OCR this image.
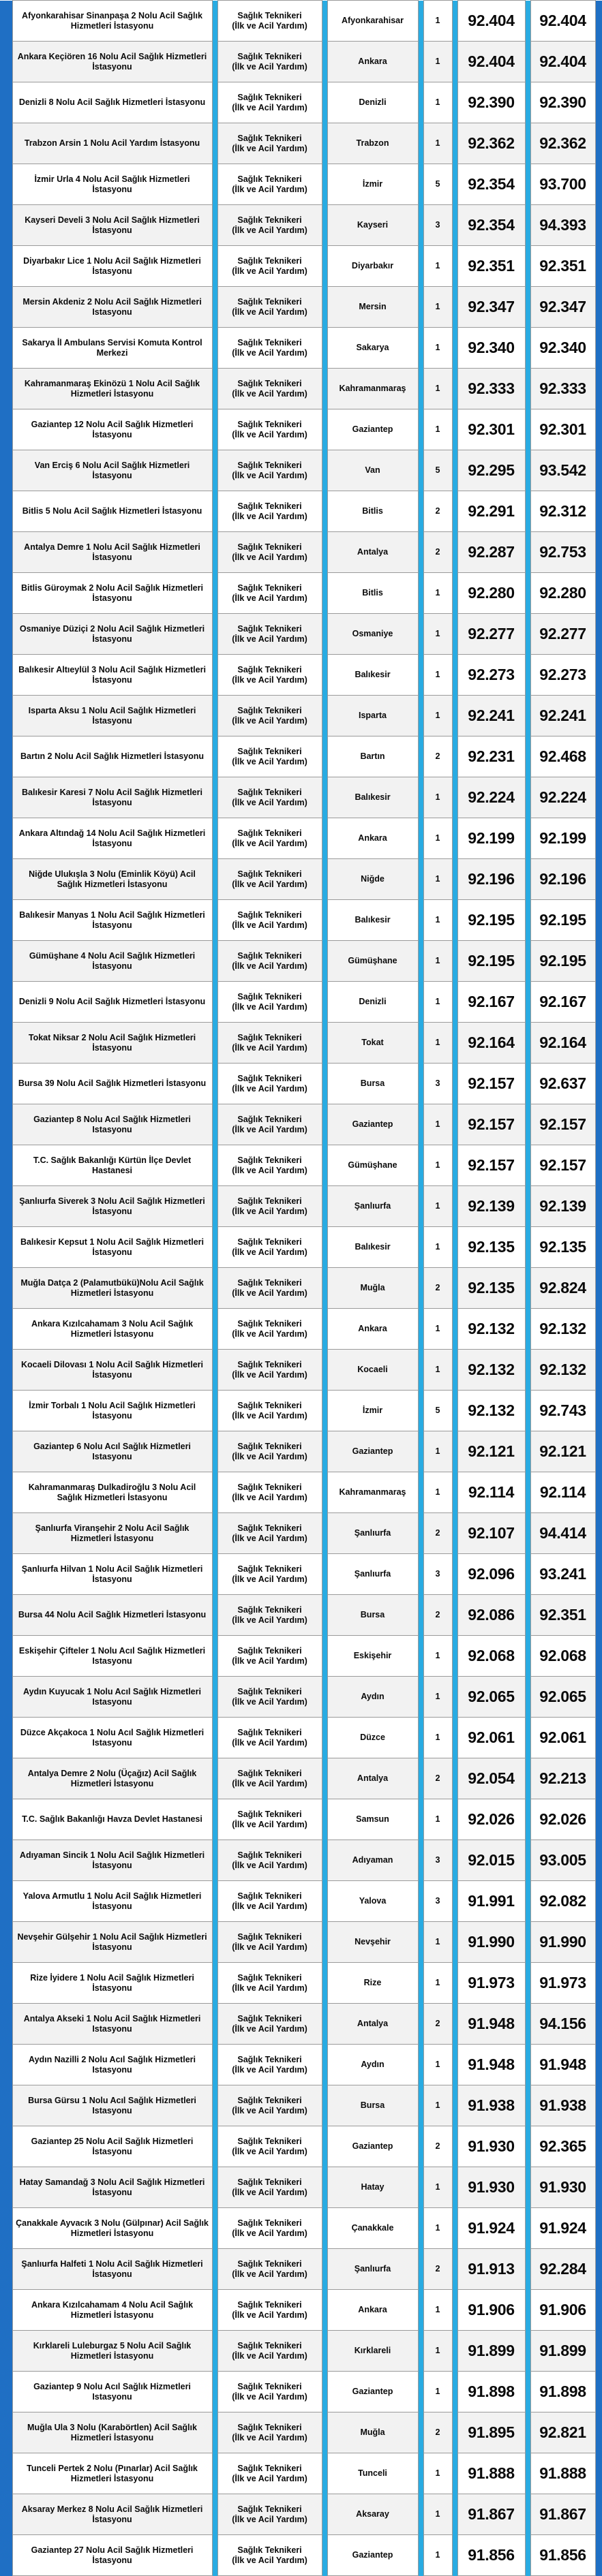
	Afyonkarahisar Sinanpaşa 2 Nolu Acil Sağlık Hizmetleri İstasyonu		Sağlık Teknikeri
(İlk ve Acil Yardım)		Afyonkarahisar		1		92.404		92.404	
	Ankara Keçiören 16 Nolu Acil Sağlık Hizmetleri İstasyonu		Sağlık Teknikeri
(İlk ve Acil Yardım)		Ankara		1		92.404		92.404	
	Denizli 8 Nolu Acil Sağlık Hizmetleri İstasyonu		Sağlık Teknikeri
(İlk ve Acil Yardım)		Denizli		1		92.390		92.390	
	Trabzon Arsin 1 Nolu Acil Yardım İstasyonu		Sağlık Teknikeri
(İlk ve Acil Yardım)		Trabzon		1		92.362		92.362	
	İzmir Urla 4 Nolu Acil Sağlık Hizmetleri İstasyonu		Sağlık Teknikeri
(İlk ve Acil Yardım)		İzmir		5		92.354		93.700	
	Kayseri Develi 3 Nolu Acil Sağlık Hizmetleri İstasyonu		Sağlık Teknikeri
(İlk ve Acil Yardım)		Kayseri		3		92.354		94.393	
	Diyarbakır Lice 1 Nolu Acil Sağlık Hizmetleri İstasyonu		Sağlık Teknikeri
(İlk ve Acil Yardım)		Diyarbakır		1		92.351		92.351	
	Mersin Akdeniz 2 Nolu Acil Sağlık Hizmetleri Istasyonu		Sağlık Teknikeri
(İlk ve Acil Yardım)		Mersin		1		92.347		92.347	
	Sakarya İl Ambulans Servisi Komuta Kontrol Merkezi		Sağlık Teknikeri
(İlk ve Acil Yardım)		Sakarya		1		92.340		92.340	
	Kahramanmaraş Ekinözü 1 Nolu Acil Sağlık Hizmetleri İstasyonu		Sağlık Teknikeri
(İlk ve Acil Yardım)		Kahramanmaraş		1		92.333		92.333	
	Gaziantep 12 Nolu Acil Sağlık Hizmetleri İstasyonu		Sağlık Teknikeri
(İlk ve Acil Yardım)		Gaziantep		1		92.301		92.301	
	Van Erciş 6 Nolu Acil Sağlık Hizmetleri İstasyonu		Sağlık Teknikeri
(İlk ve Acil Yardım)		Van		5		92.295		93.542	
	Bitlis 5 Nolu Acil Sağlık Hizmetleri İstasyonu		Sağlık Teknikeri
(İlk ve Acil Yardım)		Bitlis		2		92.291		92.312	
	Antalya Demre 1 Nolu Acil Sağlık Hizmetleri İstasyonu		Sağlık Teknikeri
(İlk ve Acil Yardım)		Antalya		2		92.287		92.753	
	Bitlis Güroymak 2 Nolu Acil Sağlık Hizmetleri İstasyonu		Sağlık Teknikeri
(İlk ve Acil Yardım)		Bitlis		1		92.280		92.280	
	Osmaniye Düziçi 2 Nolu Acil Sağlık Hizmetleri İstasyonu		Sağlık Teknikeri
(İlk ve Acil Yardım)		Osmaniye		1		92.277		92.277	
	Balıkesir Altıeylül 3 Nolu Acil Sağlık Hizmetleri İstasyonu		Sağlık Teknikeri
(İlk ve Acil Yardım)		Balıkesir		1		92.273		92.273	
	Isparta Aksu 1 Nolu Acil Sağlık Hizmetleri İstasyonu		Sağlık Teknikeri
(İlk ve Acil Yardım)		Isparta		1		92.241		92.241	
	Bartın 2 Nolu Acil Sağlık Hizmetleri İstasyonu		Sağlık Teknikeri
(İlk ve Acil Yardım)		Bartın		2		92.231		92.468	
	Balıkesir Karesi 7 Nolu Acil Sağlık Hizmetleri İstasyonu		Sağlık Teknikeri
(İlk ve Acil Yardım)		Balıkesir		1		92.224		92.224	
	Ankara Altındağ 14 Nolu Acil Sağlık Hizmetleri İstasyonu		Sağlık Teknikeri
(İlk ve Acil Yardım)		Ankara		1		92.199		92.199	
	Niğde Ulukışla 3 Nolu (Eminlik Köyü) Acil Sağlık Hizmetleri İstasyonu		Sağlık Teknikeri
(İlk ve Acil Yardım)		Niğde		1		92.196		92.196	
	Balıkesir Manyas 1 Nolu Acil Sağlık Hizmetleri İstasyonu		Sağlık Teknikeri
(İlk ve Acil Yardım)		Balıkesir		1		92.195		92.195	
	Gümüşhane 4 Nolu Acil Sağlık Hizmetleri İstasyonu		Sağlık Teknikeri
(İlk ve Acil Yardım)		Gümüşhane		1		92.195		92.195	
	Denizli 9 Nolu Acil Sağlık Hizmetleri İstasyonu		Sağlık Teknikeri
(İlk ve Acil Yardım)		Denizli		1		92.167		92.167	
	Tokat Niksar 2 Nolu Acil Sağlık Hizmetleri İstasyonu		Sağlık Teknikeri
(İlk ve Acil Yardım)		Tokat		1		92.164		92.164	
	Bursa 39 Nolu Acil Sağlık Hizmetleri İstasyonu		Sağlık Teknikeri
(İlk ve Acil Yardım)		Bursa		3		92.157		92.637	
	Gaziantep 8 Nolu Acıl Sağlık Hizmetleri Istasyonu		Sağlık Teknikeri
(İlk ve Acil Yardım)		Gaziantep		1		92.157		92.157	
	T.C. Sağlık Bakanlığı Kürtün İlçe Devlet Hastanesi		Sağlık Teknikeri
(İlk ve Acil Yardım)		Gümüşhane		1		92.157		92.157	
	Şanlıurfa Siverek 3 Nolu Acil Sağlık Hizmetleri İstasyonu		Sağlık Teknikeri
(İlk ve Acil Yardım)		Şanlıurfa		1		92.139		92.139	
	Balıkesir Kepsut 1 Nolu Acil Sağlık Hizmetleri İstasyonu		Sağlık Teknikeri
(İlk ve Acil Yardım)		Balıkesir		1		92.135		92.135	
	Muğla Datça 2 (Palamutbükü)Nolu Acil Sağlık Hizmetleri İstasyonu		Sağlık Teknikeri
(İlk ve Acil Yardım)		Muğla		2		92.135		92.824	
	Ankara Kızılcahamam 3 Nolu Acil Sağlık Hizmetleri İstasyonu		Sağlık Teknikeri
(İlk ve Acil Yardım)		Ankara		1		92.132		92.132	
	Kocaeli Dilovası 1 Nolu Acil Sağlık Hizmetleri İstasyonu		Sağlık Teknikeri
(İlk ve Acil Yardım)		Kocaeli		1		92.132		92.132	
	İzmir Torbalı 1 Nolu Acil Sağlık Hizmetleri İstasyonu		Sağlık Teknikeri
(İlk ve Acil Yardım)		İzmir		5		92.132		92.743	
	Gaziantep 6 Nolu Acıl Sağlık Hizmetleri Istasyonu		Sağlık Teknikeri
(İlk ve Acil Yardım)		Gaziantep		1		92.121		92.121	
	Kahramanmaraş Dulkadiroğlu 3 Nolu Acil Sağlık Hizmetleri İstasyonu		Sağlık Teknikeri
(İlk ve Acil Yardım)		Kahramanmaraş		1		92.114		92.114	
	Şanlıurfa Viranşehir 2 Nolu Acil Sağlık Hizmetleri İstasyonu		Sağlık Teknikeri
(İlk ve Acil Yardım)		Şanlıurfa		2		92.107		94.414	
	Şanlıurfa Hilvan 1 Nolu Acil Sağlık Hizmetleri İstasyonu		Sağlık Teknikeri
(İlk ve Acil Yardım)		Şanlıurfa		3		92.096		93.241	
	Bursa 44 Nolu Acil Sağlık Hizmetleri İstasyonu		Sağlık Teknikeri
(İlk ve Acil Yardım)		Bursa		2		92.086		92.351	
	Eskişehir Çifteler 1 Nolu Acıl Sağlık Hizmetleri Istasyonu		Sağlık Teknikeri
(İlk ve Acil Yardım)		Eskişehir		1		92.068		92.068	
	Aydın Kuyucak 1 Nolu Acıl Sağlık Hizmetleri Istasyonu		Sağlık Teknikeri
(İlk ve Acil Yardım)		Aydın		1		92.065		92.065	
	Düzce Akçakoca 1 Nolu Acıl Sağlık Hizmetleri Istasyonu		Sağlık Teknikeri
(İlk ve Acil Yardım)		Düzce		1		92.061		92.061	
	Antalya Demre 2 Nolu (Üçağız) Acil Sağlık Hizmetleri İstasyonu		Sağlık Teknikeri
(İlk ve Acil Yardım)		Antalya		2		92.054		92.213	
	T.C. Sağlık Bakanlığı Havza Devlet Hastanesi		Sağlık Teknikeri
(İlk ve Acil Yardım)		Samsun		1		92.026		92.026	
	Adıyaman Sincik 1 Nolu Acil Sağlık Hizmetleri İstasyonu		Sağlık Teknikeri
(İlk ve Acil Yardım)		Adıyaman		3		92.015		93.005	
	Yalova Armutlu 1 Nolu Acil Sağlık Hizmetleri İstasyonu		Sağlık Teknikeri
(İlk ve Acil Yardım)		Yalova		3		91.991		92.082	
	Nevşehir Gülşehir 1 Nolu Acil Sağlık Hizmetleri İstasyonu		Sağlık Teknikeri
(İlk ve Acil Yardım)		Nevşehir		1		91.990		91.990	
	Rize İyidere 1 Nolu Acil Sağlık Hizmetleri İstasyonu		Sağlık Teknikeri
(İlk ve Acil Yardım)		Rize		1		91.973		91.973	
	Antalya Akseki 1 Nolu Acil Sağlık Hizmetleri Istasyonu		Sağlık Teknikeri
(İlk ve Acil Yardım)		Antalya		2		91.948		94.156	
	Aydın Nazilli 2 Nolu Acıl Sağlık Hizmetleri Istasyonu		Sağlık Teknikeri
(İlk ve Acil Yardım)		Aydın		1		91.948		91.948	
	Bursa Gürsu 1 Nolu Acıl Sağlık Hizmetleri Istasyonu		Sağlık Teknikeri
(İlk ve Acil Yardım)		Bursa		1		91.938		91.938	
	Gaziantep 25 Nolu Acil Sağlık Hizmetleri İstasyonu		Sağlık Teknikeri
(İlk ve Acil Yardım)		Gaziantep		2		91.930		92.365	
	Hatay Samandağ 3 Nolu Acil Sağlık Hizmetleri İstasyonu		Sağlık Teknikeri
(İlk ve Acil Yardım)		Hatay		1		91.930		91.930	
	Çanakkale Ayvacık 3 Nolu (Gülpınar) Acil Sağlık Hizmetleri İstasyonu		Sağlık Teknikeri
(İlk ve Acil Yardım)		Çanakkale		1		91.924		91.924	
	Şanlıurfa Halfeti 1 Nolu Acil Sağlık Hizmetleri İstasyonu		Sağlık Teknikeri
(İlk ve Acil Yardım)		Şanlıurfa		2		91.913		92.284	
	Ankara Kızılcahamam 4 Nolu Acil Sağlık Hizmetleri İstasyonu		Sağlık Teknikeri
(İlk ve Acil Yardım)		Ankara		1		91.906		91.906	
	Kırklareli Luleburgaz 5 Nolu Acil Sağlık Hizmetleri İstasyonu		Sağlık Teknikeri
(İlk ve Acil Yardım)		Kırklareli		1		91.899		91.899	
	Gaziantep 9 Nolu Acıl Sağlık Hizmetleri Istasyonu		Sağlık Teknikeri
(İlk ve Acil Yardım)		Gaziantep		1		91.898		91.898	
	Muğla Ula 3 Nolu (Karabörtlen) Acil Sağlık Hizmetleri İstasyonu		Sağlık Teknikeri
(İlk ve Acil Yardım)		Muğla		2		91.895		92.821	
	Tunceli Pertek 2 Nolu (Pınarlar) Acil Sağlık Hizmetleri İstasyonu		Sağlık Teknikeri
(İlk ve Acil Yardım)		Tunceli		1		91.888		91.888	
	Aksaray Merkez 8 Nolu Acil Sağlık Hizmetleri İstasyonu		Sağlık Teknikeri
(İlk ve Acil Yardım)		Aksaray		1		91.867		91.867	
	Gaziantep 27 Nolu Acil Sağlık Hizmetleri İstasyonu		Sağlık Teknikeri
(İlk ve Acil Yardım)		Gaziantep		1		91.856		91.856	
